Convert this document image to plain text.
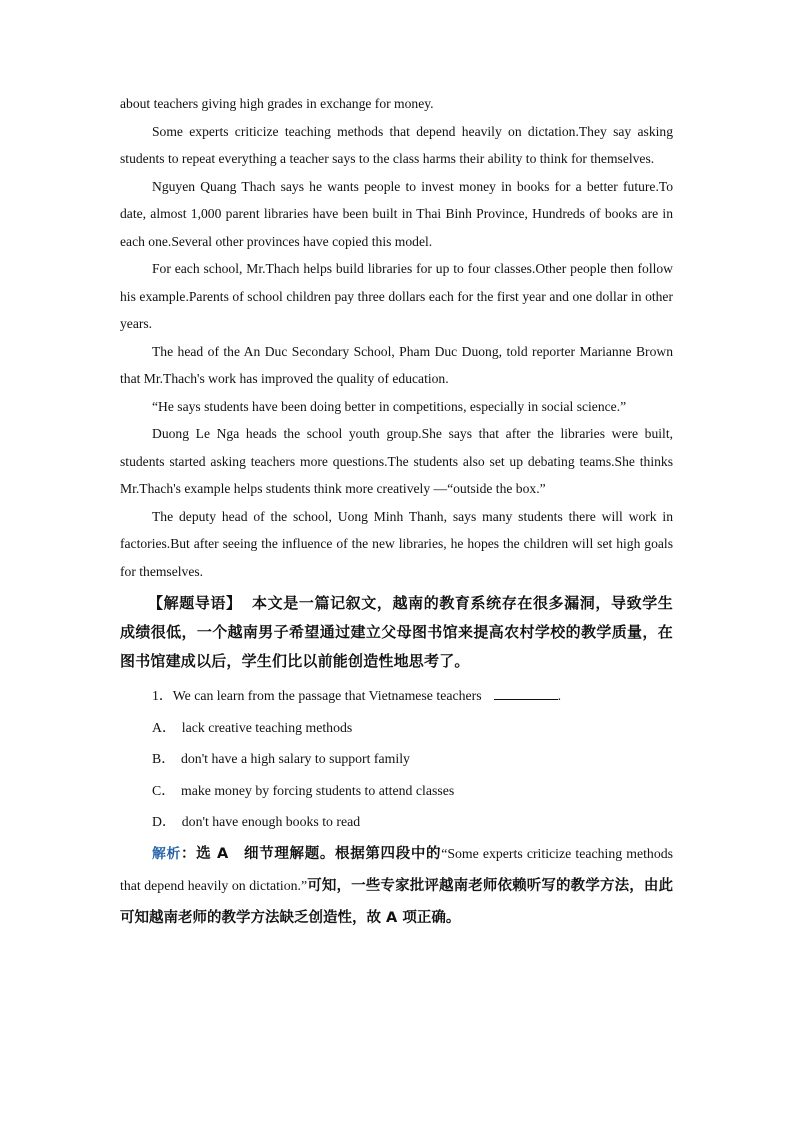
about teachers giving high grades in exchange for money.

Some experts criticize teaching methods that depend heavily on dictation.They say asking students to repeat everything a teacher says to the class harms their ability to think for themselves.

Nguyen Quang Thach says he wants people to invest money in books for a better future.To date, almost 1,000 parent libraries have been built in Thai Binh Province, Hundreds of books are in each one.Several other provinces have copied this model.

For each school, Mr.Thach helps build libraries for up to four classes.Other people then follow his example.Parents of school children pay three dollars each for the first year and one dollar in other years.

The head of the An Duc Secondary School, Pham Duc Duong, told reporter Marianne Brown that Mr.Thach's work has improved the quality of education.

“He says students have been doing better in competitions, especially in social science.”

Duong Le Nga heads the school youth group.She says that after the libraries were built, students started asking teachers more questions.The students also set up debating teams.She thinks Mr.Thach's example helps students think more creatively —“outside the box.”

The deputy head of the school, Uong Minh Thanh, says many students there will work in factories.But after seeing the influence of the new libraries, he hopes the children will set high goals for themselves.

【解题导语】 本文是一篇记叙文，越南的教育系统存在很多漏洞，导致学生成绩很低，一个越南男子希望通过建立父母图书馆来提高农村学校的教学质量，在图书馆建成以后，学生们比以前能创造性地思考了。

1．We can learn from the passage that Vietnamese teachers	.

A． lack creative teaching methods

B． don't have a high salary to support family

C． make money by forcing students to attend classes

D． don't have enough books to read

解析：选 A　细节理解题。根据第四段中的“Some experts criticize teaching methods that depend heavily on dictation.”可知，一些专家批评越南老师依赖听写的教学方法，由此可知越南老师的教学方法缺乏创造性，故 A 项正确。
